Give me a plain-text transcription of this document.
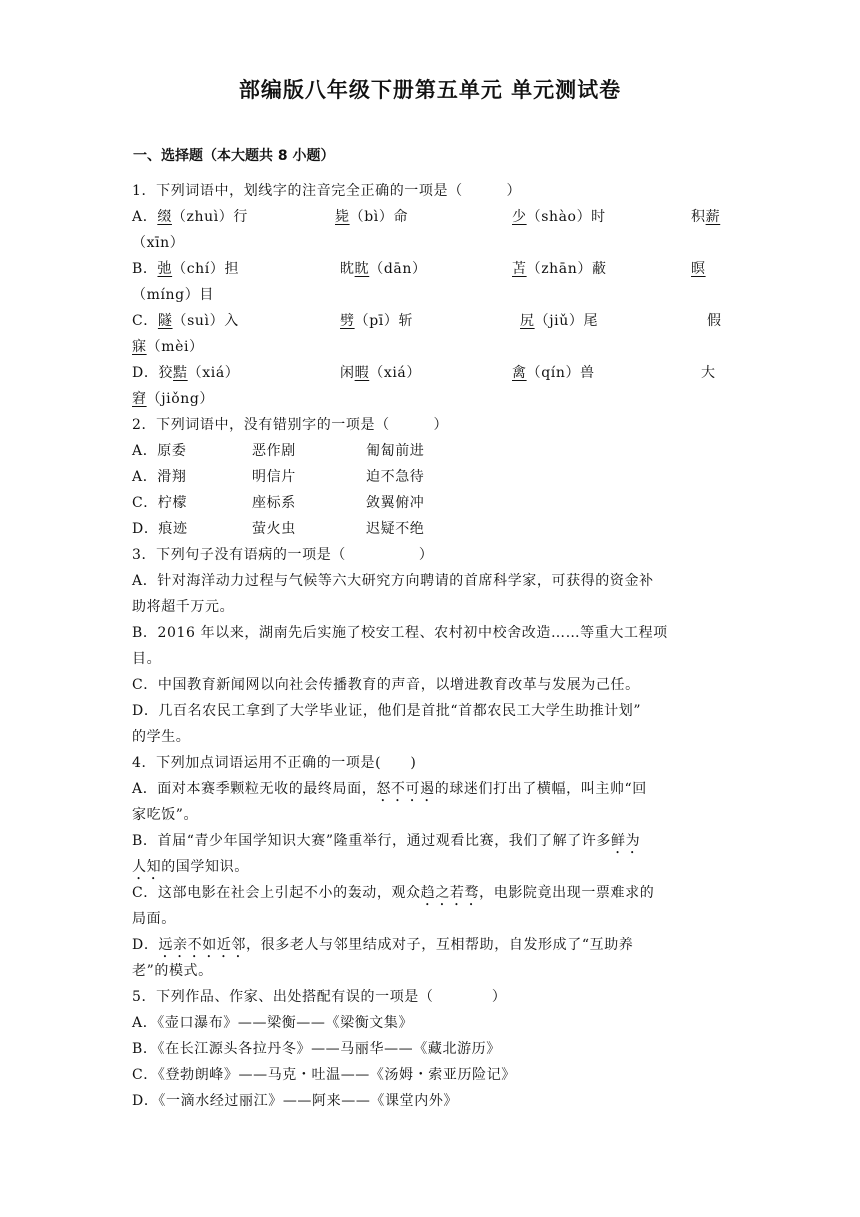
部编版八年级下册第五单元 单元测试卷
一、选择题（本大题共 8 小题）
1．下列词语中，划线字的注音完全正确的一项是（　　　）
A．缀（zhuì）行	毙（bì）命	少（shào）时	积薪
（xīn）
B．弛（chí）担	眈眈（dān）	苫（zhān）蔽	暝
（míng）目
C．隧（suì）入	劈（pī）斩	尻（jiǔ）尾	假
寐（mèi）
D．狡黠（xiá）	闲暇（xiá）	禽（qín）兽	大
窘（jiǒng）
2．下列词语中，没有错别字的一项是（　　　）
A．原委	恶作剧	匍匐前进
A．滑翔	明信片	迫不急待
C．柠檬	座标系	敛翼俯冲
D．痕迹	萤火虫	迟疑不绝
3．下列句子没有语病的一项是（　　　　　）
A．针对海洋动力过程与气候等六大研究方向聘请的首席科学家，可获得的资金补
助将超千万元。
B．2016 年以来，湖南先后实施了校安工程、农村初中校舍改造……等重大工程项
目。
C．中国教育新闻网以向社会传播教育的声音，以增进教育改革与发展为己任。
D．几百名农民工拿到了大学毕业证，他们是首批“首都农民工大学生助推计划”
的学生。
4．下列加点词语运用不正确的一项是(　　)
A．面对本赛季颗粒无收的最终局面，怒不可遏的球迷们打出了横幅，叫主帅“回
家吃饭”。
B．首届“青少年国学知识大赛”隆重举行，通过观看比赛，我们了解了许多鲜为
人知的国学知识。
C．这部电影在社会上引起不小的轰动，观众趋之若骛，电影院竟出现一票难求的
局面。
D．远亲不如近邻，很多老人与邻里结成对子，互相帮助，自发形成了“互助养
老”的模式。
5．下列作品、作家、出处搭配有误的一项是（　　　　）
A．《壶口瀑布》——梁衡——《梁衡文集》
B．《在长江源头各拉丹冬》——马丽华——《藏北游历》
C．《登勃朗峰》——马克・吐温——《汤姆・索亚历险记》
D．《一滴水经过丽江》——阿来——《课堂内外》
